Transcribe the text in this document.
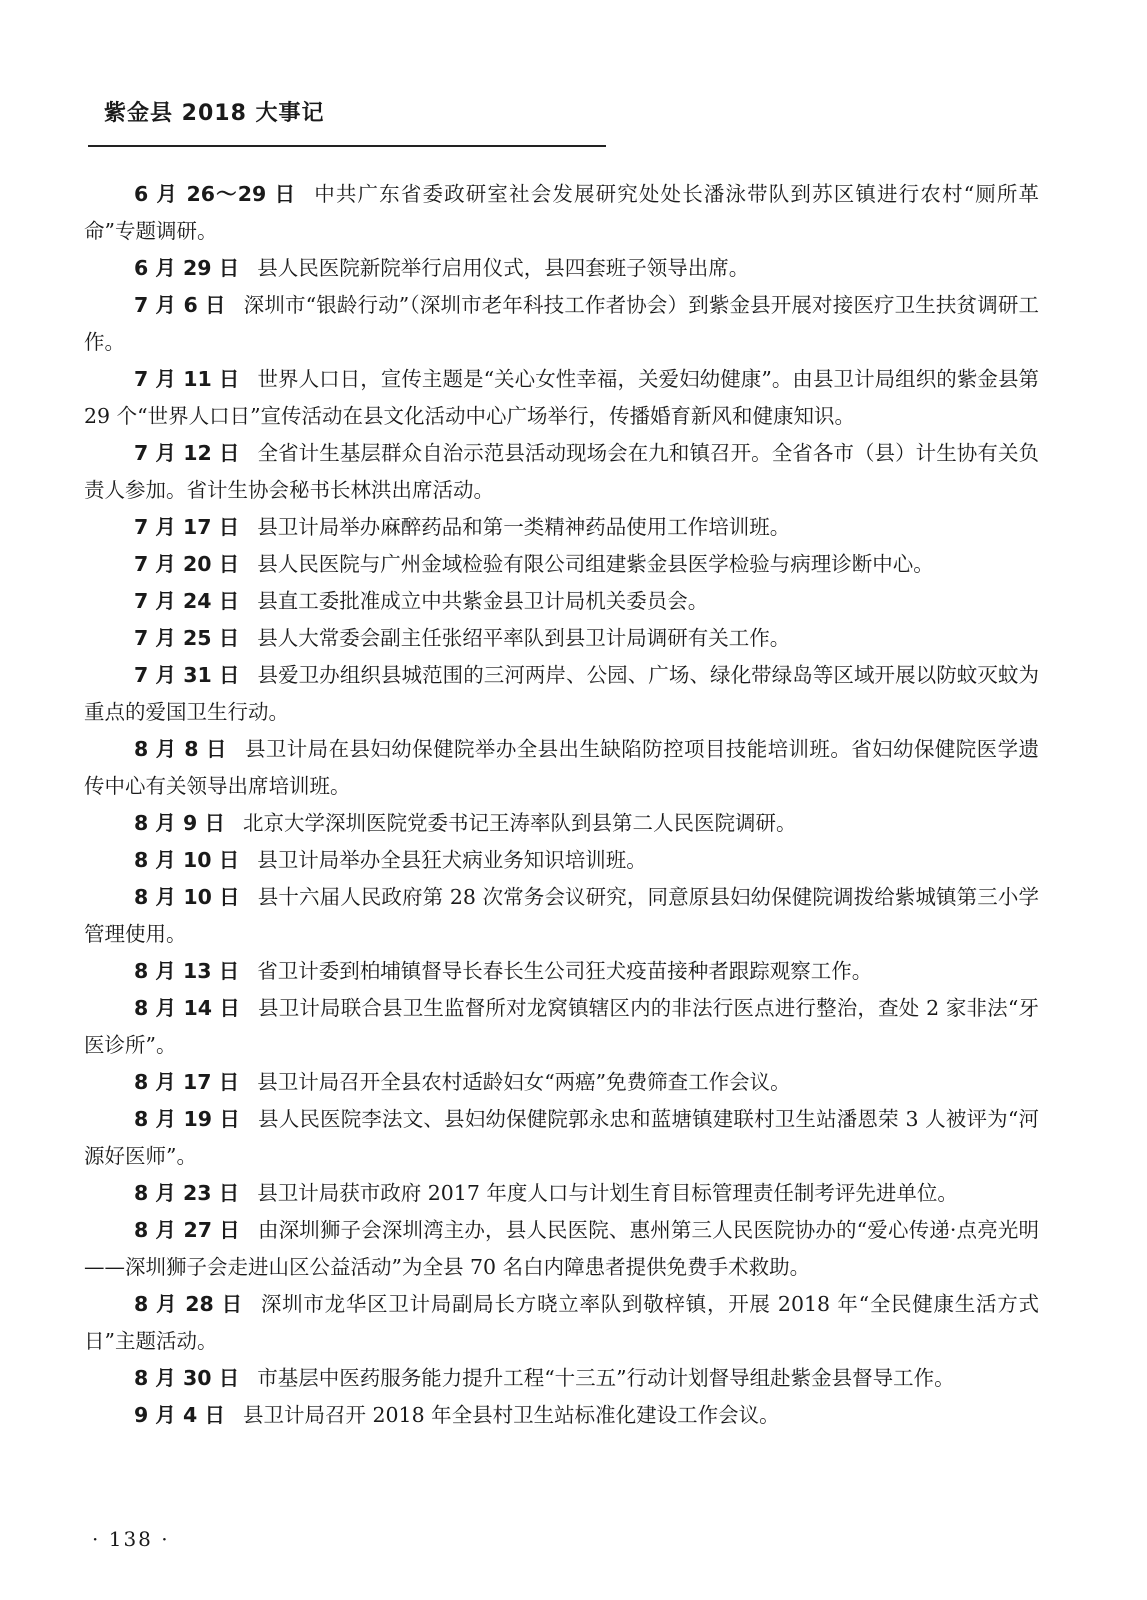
紫金县 2018 大事记

6 月 26～29 日 中共广东省委政研室社会发展研究处处长潘泳带队到苏区镇进行农村“厕所革命”专题调研。

6 月 29 日 县人民医院新院举行启用仪式，县四套班子领导出席。

7 月 6 日 深圳市“银龄行动”（深圳市老年科技工作者协会）到紫金县开展对接医疗卫生扶贫调研工作。

7 月 11 日 世界人口日，宣传主题是“关心女性幸福，关爱妇幼健康”。由县卫计局组织的紫金县第 29 个“世界人口日”宣传活动在县文化活动中心广场举行，传播婚育新风和健康知识。

7 月 12 日 全省计生基层群众自治示范县活动现场会在九和镇召开。全省各市（县）计生协有关负责人参加。省计生协会秘书长林洪出席活动。

7 月 17 日 县卫计局举办麻醉药品和第一类精神药品使用工作培训班。

7 月 20 日 县人民医院与广州金域检验有限公司组建紫金县医学检验与病理诊断中心。

7 月 24 日 县直工委批准成立中共紫金县卫计局机关委员会。

7 月 25 日 县人大常委会副主任张绍平率队到县卫计局调研有关工作。

7 月 31 日 县爱卫办组织县城范围的三河两岸、公园、广场、绿化带绿岛等区域开展以防蚊灭蚊为重点的爱国卫生行动。

8 月 8 日 县卫计局在县妇幼保健院举办全县出生缺陷防控项目技能培训班。省妇幼保健院医学遗传中心有关领导出席培训班。

8 月 9 日 北京大学深圳医院党委书记王涛率队到县第二人民医院调研。

8 月 10 日 县卫计局举办全县狂犬病业务知识培训班。

8 月 10 日 县十六届人民政府第 28 次常务会议研究，同意原县妇幼保健院调拨给紫城镇第三小学管理使用。

8 月 13 日 省卫计委到柏埔镇督导长春长生公司狂犬疫苗接种者跟踪观察工作。

8 月 14 日 县卫计局联合县卫生监督所对龙窝镇辖区内的非法行医点进行整治，查处 2 家非法“牙医诊所”。

8 月 17 日 县卫计局召开全县农村适龄妇女“两癌”免费筛查工作会议。

8 月 19 日 县人民医院李法文、县妇幼保健院郭永忠和蓝塘镇建联村卫生站潘恩荣 3 人被评为“河源好医师”。

8 月 23 日 县卫计局获市政府 2017 年度人口与计划生育目标管理责任制考评先进单位。

8 月 27 日 由深圳狮子会深圳湾主办，县人民医院、惠州第三人民医院协办的“爱心传递·点亮光明——深圳狮子会走进山区公益活动”为全县 70 名白内障患者提供免费手术救助。

8 月 28 日 深圳市龙华区卫计局副局长方晓立率队到敬梓镇，开展 2018 年“全民健康生活方式日”主题活动。

8 月 30 日 市基层中医药服务能力提升工程“十三五”行动计划督导组赴紫金县督导工作。

9 月 4 日 县卫计局召开 2018 年全县村卫生站标准化建设工作会议。

· 138 ·
